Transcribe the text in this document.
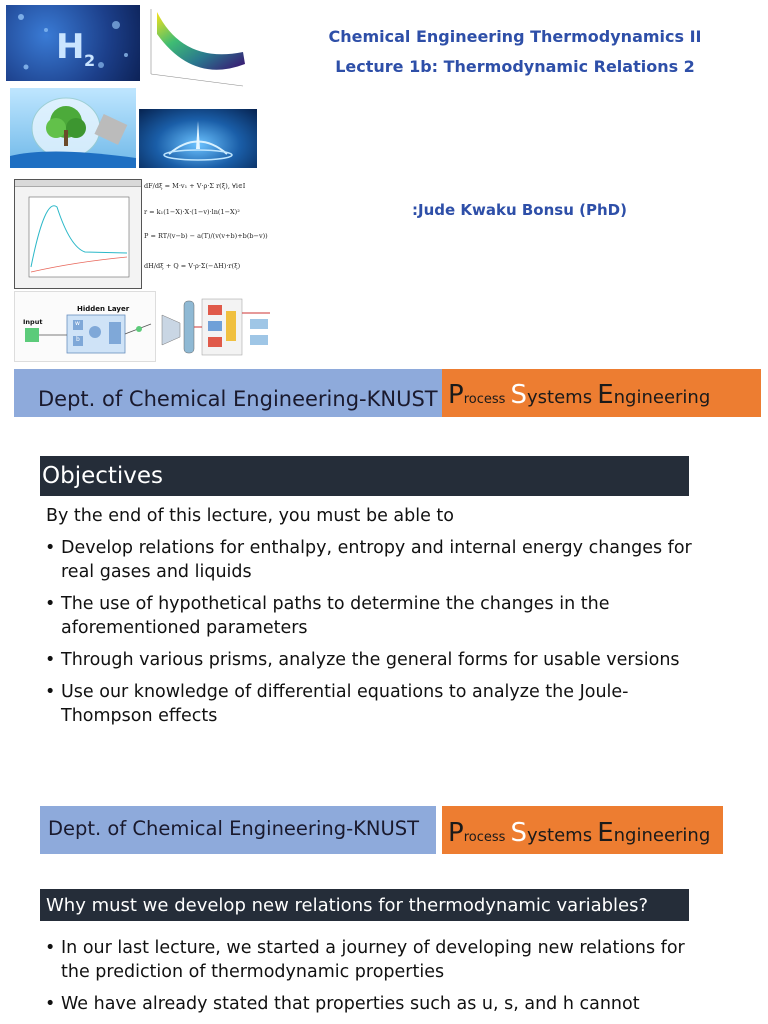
H 2
dF/dξ = M·v₁ + V·ρ·Σ r(ξ), ∀i∈I
r = k₁(1−X)·X·(1−v)·ln(1−X)²
P = RT/(v−b) − a(T)/(v(v+b)+b(b−v))
dH/dξ + Q = V·ρ·Σ(−ΔH)·r(ξ)
Hidden Layer
Input	w
b
Chemical Engineering Thermodynamics II
Lecture 1b: Thermodynamic Relations 2
:Jude Kwaku Bonsu (PhD)
Dept. of Chemical Engineering-KNUST Process Systems Engineering
Objectives
By the end of this lecture, you must be able to
• Develop relations for enthalpy, entropy and internal energy changes for real gases and liquids
• The use of hypothetical paths to determine the changes in the aforementioned parameters
• Through various prisms, analyze the general forms for usable versions
• Use our knowledge of differential equations to analyze the Joule-Thompson effects
Dept. of Chemical Engineering-KNUST Process Systems Engineering
Why must we develop new relations for thermodynamic variables?
• In our last lecture, we started a journey of developing new relations for the prediction of thermodynamic properties
• We have already stated that properties such as u, s, and h cannot
